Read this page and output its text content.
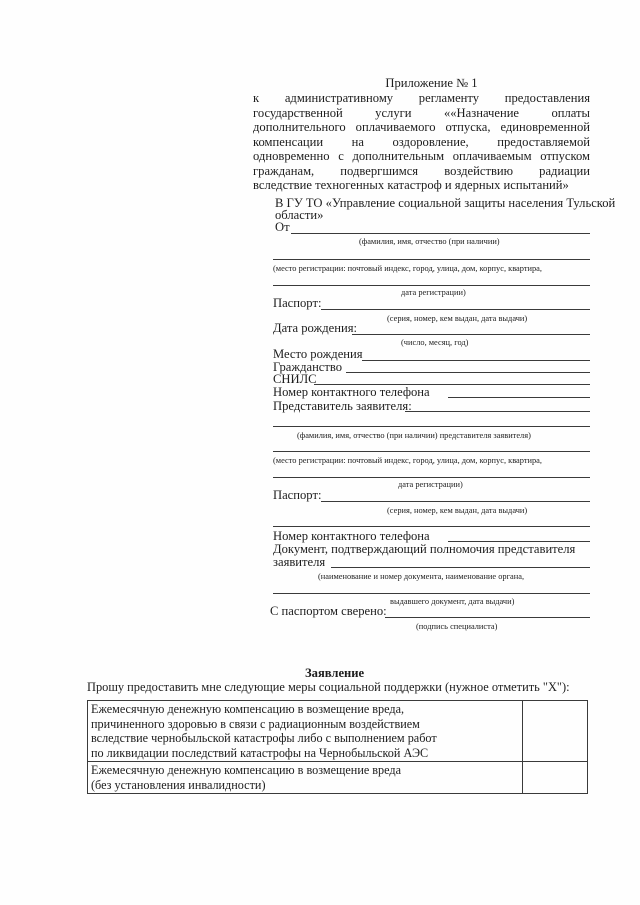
Приложение № 1
к административному регламенту предоставления
государственной услуги ««Назначение оплаты
дополнительного оплачиваемого отпуска, единовременной
компенсации на оздоровление, предоставляемой
одновременно с дополнительным оплачиваемым отпуском
гражданам, подвергшимся воздействию радиации
вследствие техногенных катастроф и ядерных испытаний»
В ГУ ТО «Управление социальной защиты населения Тульской
области»
От
(фамилия, имя, отчество (при наличии)
(место регистрации: почтовый индекс, город, улица, дом, корпус, квартира,
дата регистрации)
Паспорт:
(серия, номер, кем выдан, дата выдачи)
Дата рождения:
(число, месяц, год)
Место рождения
Гражданство
СНИЛС
Номер контактного телефона
Представитель заявителя:
(фамилия, имя, отчество (при наличии) представителя заявителя)
(место регистрации: почтовый индекс, город, улица, дом, корпус, квартира,
дата регистрации)
Паспорт:
(серия, номер, кем выдан, дата выдачи)
Номер контактного телефона
Документ, подтверждающий полномочия представителя
заявителя
(наименование и номер документа, наименование органа,
выдавшего документ, дата выдачи)
С паспортом сверено:
(подпись специалиста)
Заявление
Прошу предоставить мне следующие меры социальной поддержки (нужное отметить "X"):
Ежемесячную денежную компенсацию в возмещение вреда,
причиненного здоровью в связи с радиационным воздействием
вследствие чернобыльской катастрофы либо с выполнением работ
по ликвидации последствий катастрофы на Чернобыльской АЭС	

Ежемесячную денежную компенсацию в возмещение вреда
(без установления инвалидности)	
